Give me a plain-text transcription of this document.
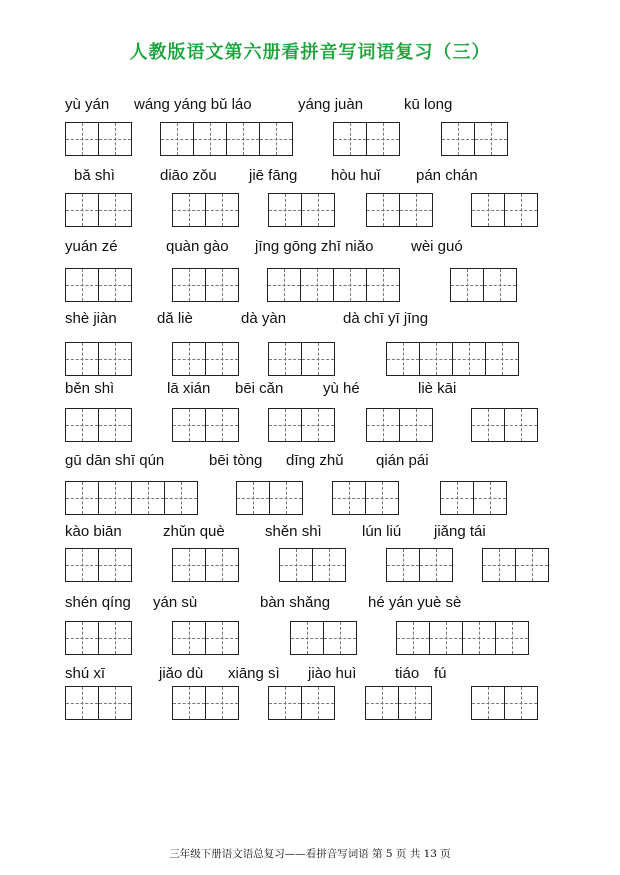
人教版语文第六册看拼音写词语复习（三）
yù yán wáng yáng bǔ láo	yáng juàn	kū long
bǎ shì	diāo zǒu jiē fāng hòu huǐ pán chán
yuán zé	quàn gào jīng gōng zhī niǎo	wèi guó
shè jiàn	dǎ liè	dà yàn	dà chī yī jīng
běn shì	lā xián bēi cǎn	yù hé	liè kāi
gū dān shī qún	bēi tòng dīng zhǔ qián pái
kào biān	zhǔn què	shěn shì	lún liú jiǎng tái
shén qíng yán sù	bàn shǎng	hé yán yuè sè
shú xī	jiǎo dù xiāng sì jiào huì	tiáo fú
三年级下册语文语总复习——看拼音写词语 第 5 页 共 13 页
